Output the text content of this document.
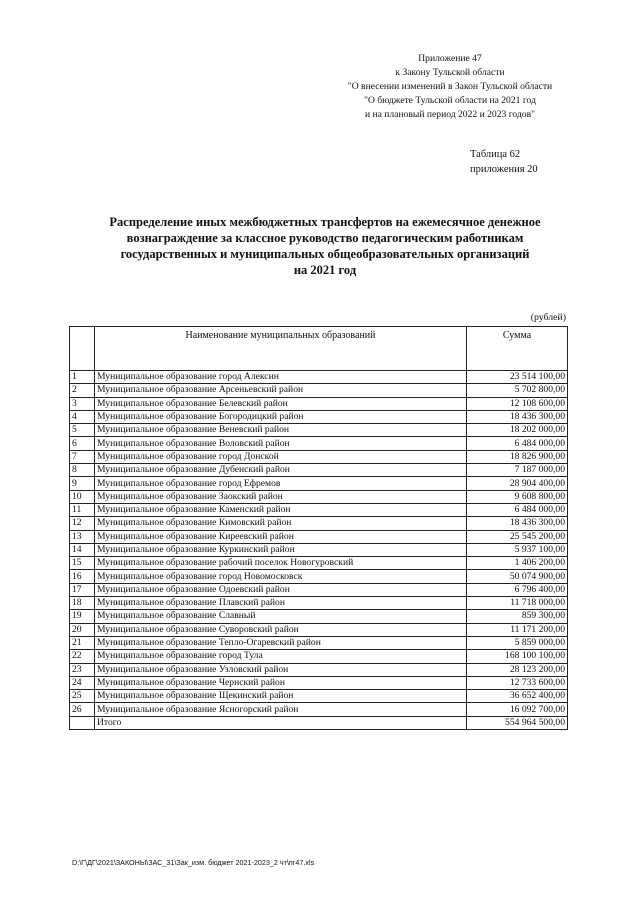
Приложение 47
к Закону Тульской области
"О внесении изменений в Закон Тульской области
"О бюджете Тульской области на 2021 год
и на плановый период 2022 и 2023 годов"
Таблица 62
приложения 20
Распределение иных межбюджетных трансфертов на ежемесячное денежное
вознаграждение за классное руководство педагогическим работникам
государственных и муниципальных общеобразовательных организаций
на 2021 год
(рублей)
	Наименование муниципальных образований	Сумма
1	Муниципальное образование город Алексин	23 514 100,00
2	Муниципальное образование Арсеньевский район	5 702 800,00
3	Муниципальное образование Белевский район	12 108 600,00
4	Муниципальное образование Богородицкий район	18 436 300,00
5	Муниципальное образование Веневский район	18 202 000,00
6	Муниципальное образование Воловский район	6 484 000,00
7	Муниципальное образование город Донской	18 826 900,00
8	Муниципальное образование Дубенский район	7 187 000,00
9	Муниципальное образование город Ефремов	28 904 400,00
10	Муниципальное образование Заокский район	9 608 800,00
11	Муниципальное образование Каменский район	6 484 000,00
12	Муниципальное образование Кимовский район	18 436 300,00
13	Муниципальное образование Киреевский район	25 545 200,00
14	Муниципальное образование Куркинский район	5 937 100,00
15	Муниципальное образование рабочий поселок Новогуровский	1 406 200,00
16	Муниципальное образование город Новомосковск	50 074 900,00
17	Муниципальное образование Одоевский район	6 796 400,00
18	Муниципальное образование Плавский район	11 718 000,00
19	Муниципальное образование Славный	859 300,00
20	Муниципальное образование Суворовский район	11 171 200,00
21	Муниципальное образование Тепло-Огаревский район	5 859 000,00
22	Муниципальное образование город Тула	168 100 100,00
23	Муниципальное образование Узловский район	28 123 200,00
24	Муниципальное образование Чернский район	12 733 600,00
25	Муниципальное образование Щекинский район	36 652 400,00
26	Муниципальное образование Ясногорский район	16 092 700,00
	Итого	554 964 500,00
D:\Г\ДГ\2021\ЗАКОНЫ\ЗАС_31\Зак_изм. бюджет 2021-2023_2 чт\пг47.xls
